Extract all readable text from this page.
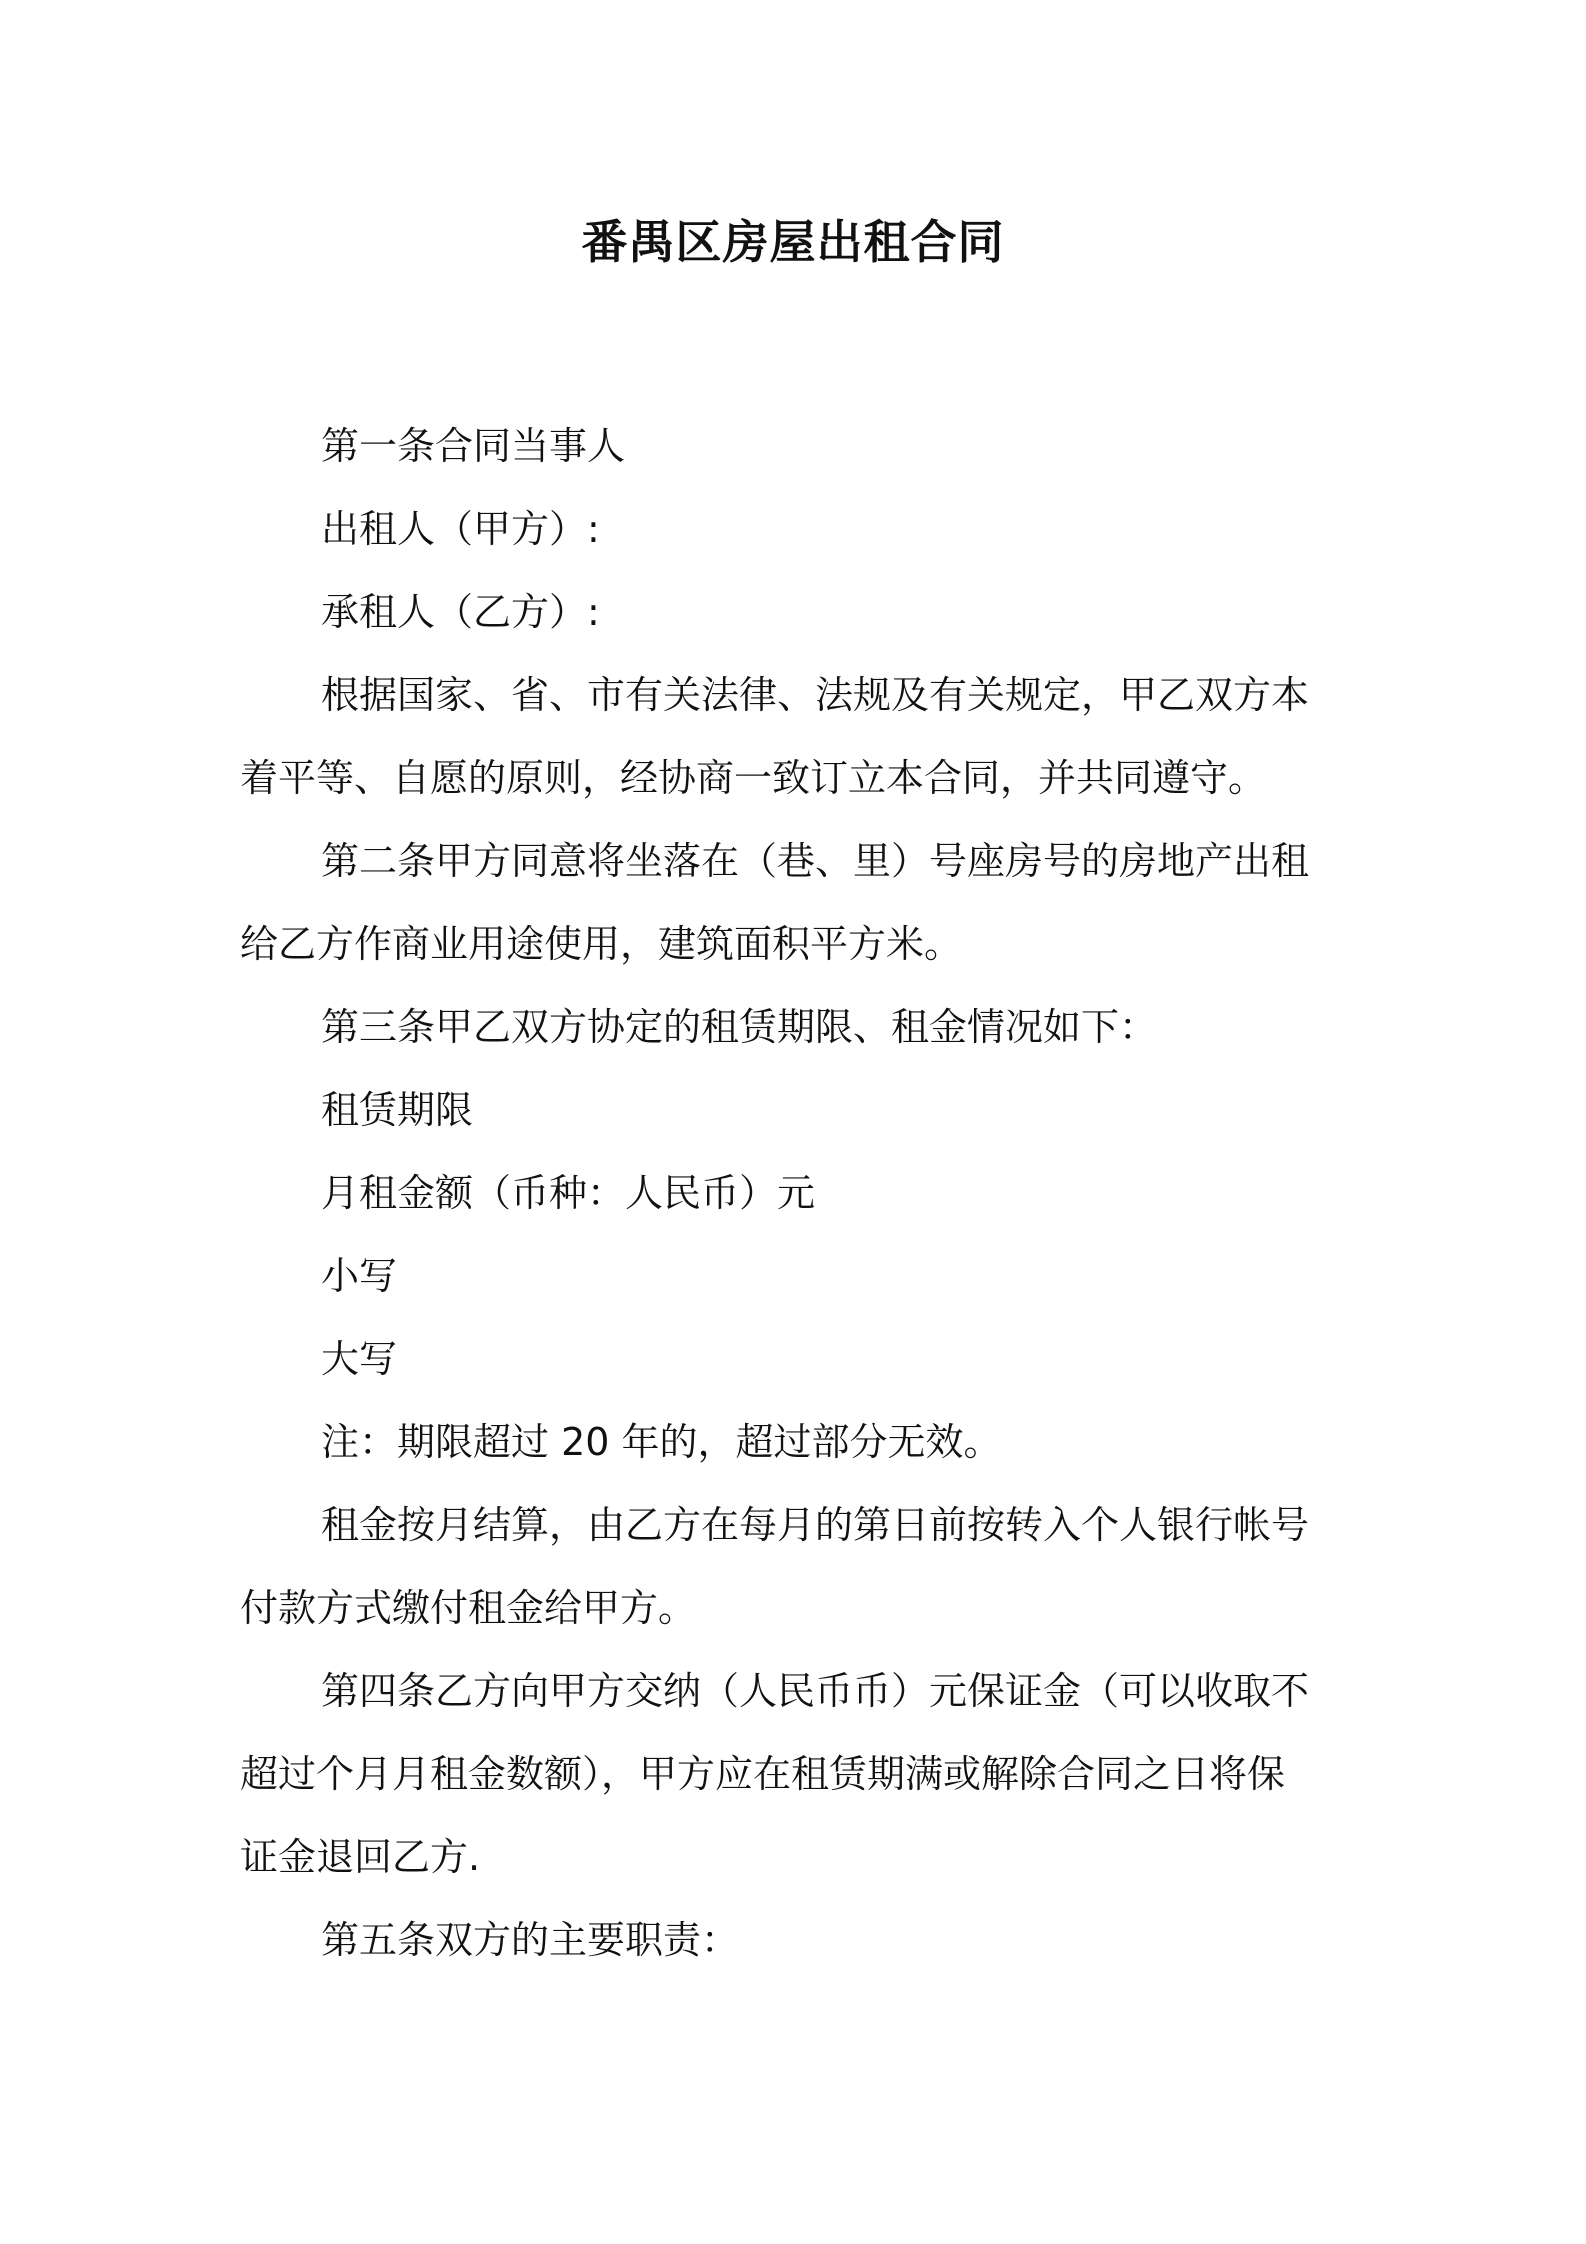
番禺区房屋出租合同

第一条合同当事人

出租人（甲方）:

承租人（乙方）:

根据国家、省、市有关法律、法规及有关规定，甲乙双方本

着平等、自愿的原则，经协商一致订立本合同，并共同遵守。

第二条甲方同意将坐落在（巷、里）号座房号的房地产出租

给乙方作商业用途使用，建筑面积平方米。

第三条甲乙双方协定的租赁期限、租金情况如下：

租赁期限

月租金额（币种：人民币）元

小写

大写

注：期限超过 20 年的，超过部分无效。

租金按月结算，由乙方在每月的第日前按转入个人银行帐号

付款方式缴付租金给甲方。

第四条乙方向甲方交纳（人民币币）元保证金（可以收取不

超过个月月租金数额），甲方应在租赁期满或解除合同之日将保

证金退回乙方.

第五条双方的主要职责：
